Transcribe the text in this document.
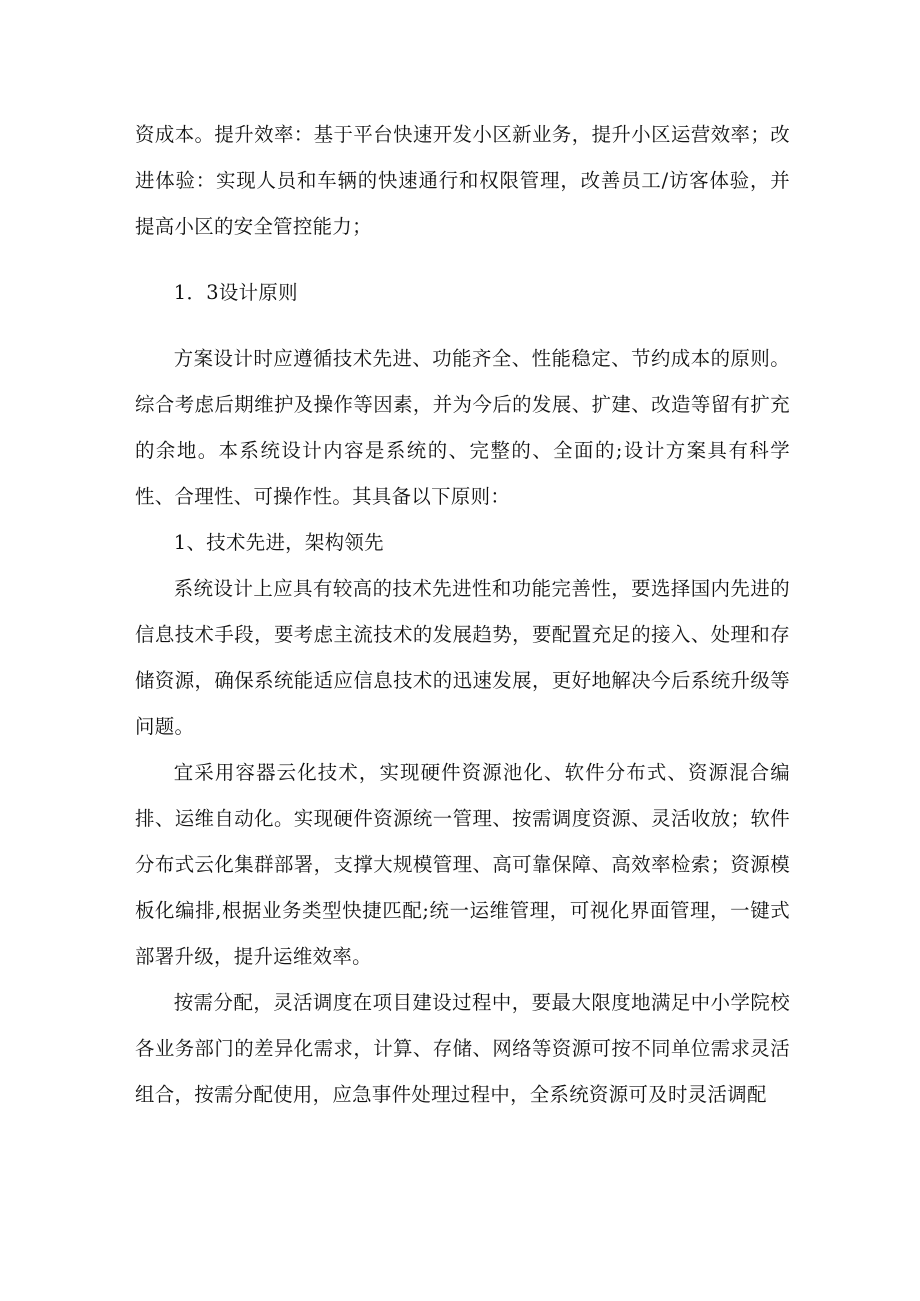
资成本。提升效率：基于平台快速开发小区新业务，提升小区运营效率；改进体验：实现人员和车辆的快速通行和权限管理，改善员工/访客体验，并提高小区的安全管控能力；

1．3设计原则

方案设计时应遵循技术先进、功能齐全、性能稳定、节约成本的原则。综合考虑后期维护及操作等因素，并为今后的发展、扩建、改造等留有扩充的余地。本系统设计内容是系统的、完整的、全面的;设计方案具有科学性、合理性、可操作性。其具备以下原则：

1、技术先进，架构领先

系统设计上应具有较高的技术先进性和功能完善性，要选择国内先进的信息技术手段，要考虑主流技术的发展趋势，要配置充足的接入、处理和存储资源，确保系统能适应信息技术的迅速发展，更好地解决今后系统升级等问题。

宜采用容器云化技术，实现硬件资源池化、软件分布式、资源混合编排、运维自动化。实现硬件资源统一管理、按需调度资源、灵活收放；软件分布式云化集群部署，支撑大规模管理、高可靠保障、高效率检索；资源模板化编排,根据业务类型快捷匹配;统一运维管理，可视化界面管理，一键式部署升级，提升运维效率。

按需分配，灵活调度在项目建设过程中，要最大限度地满足中小学院校各业务部门的差异化需求，计算、存储、网络等资源可按不同单位需求灵活组合，按需分配使用，应急事件处理过程中，全系统资源可及时灵活调配
